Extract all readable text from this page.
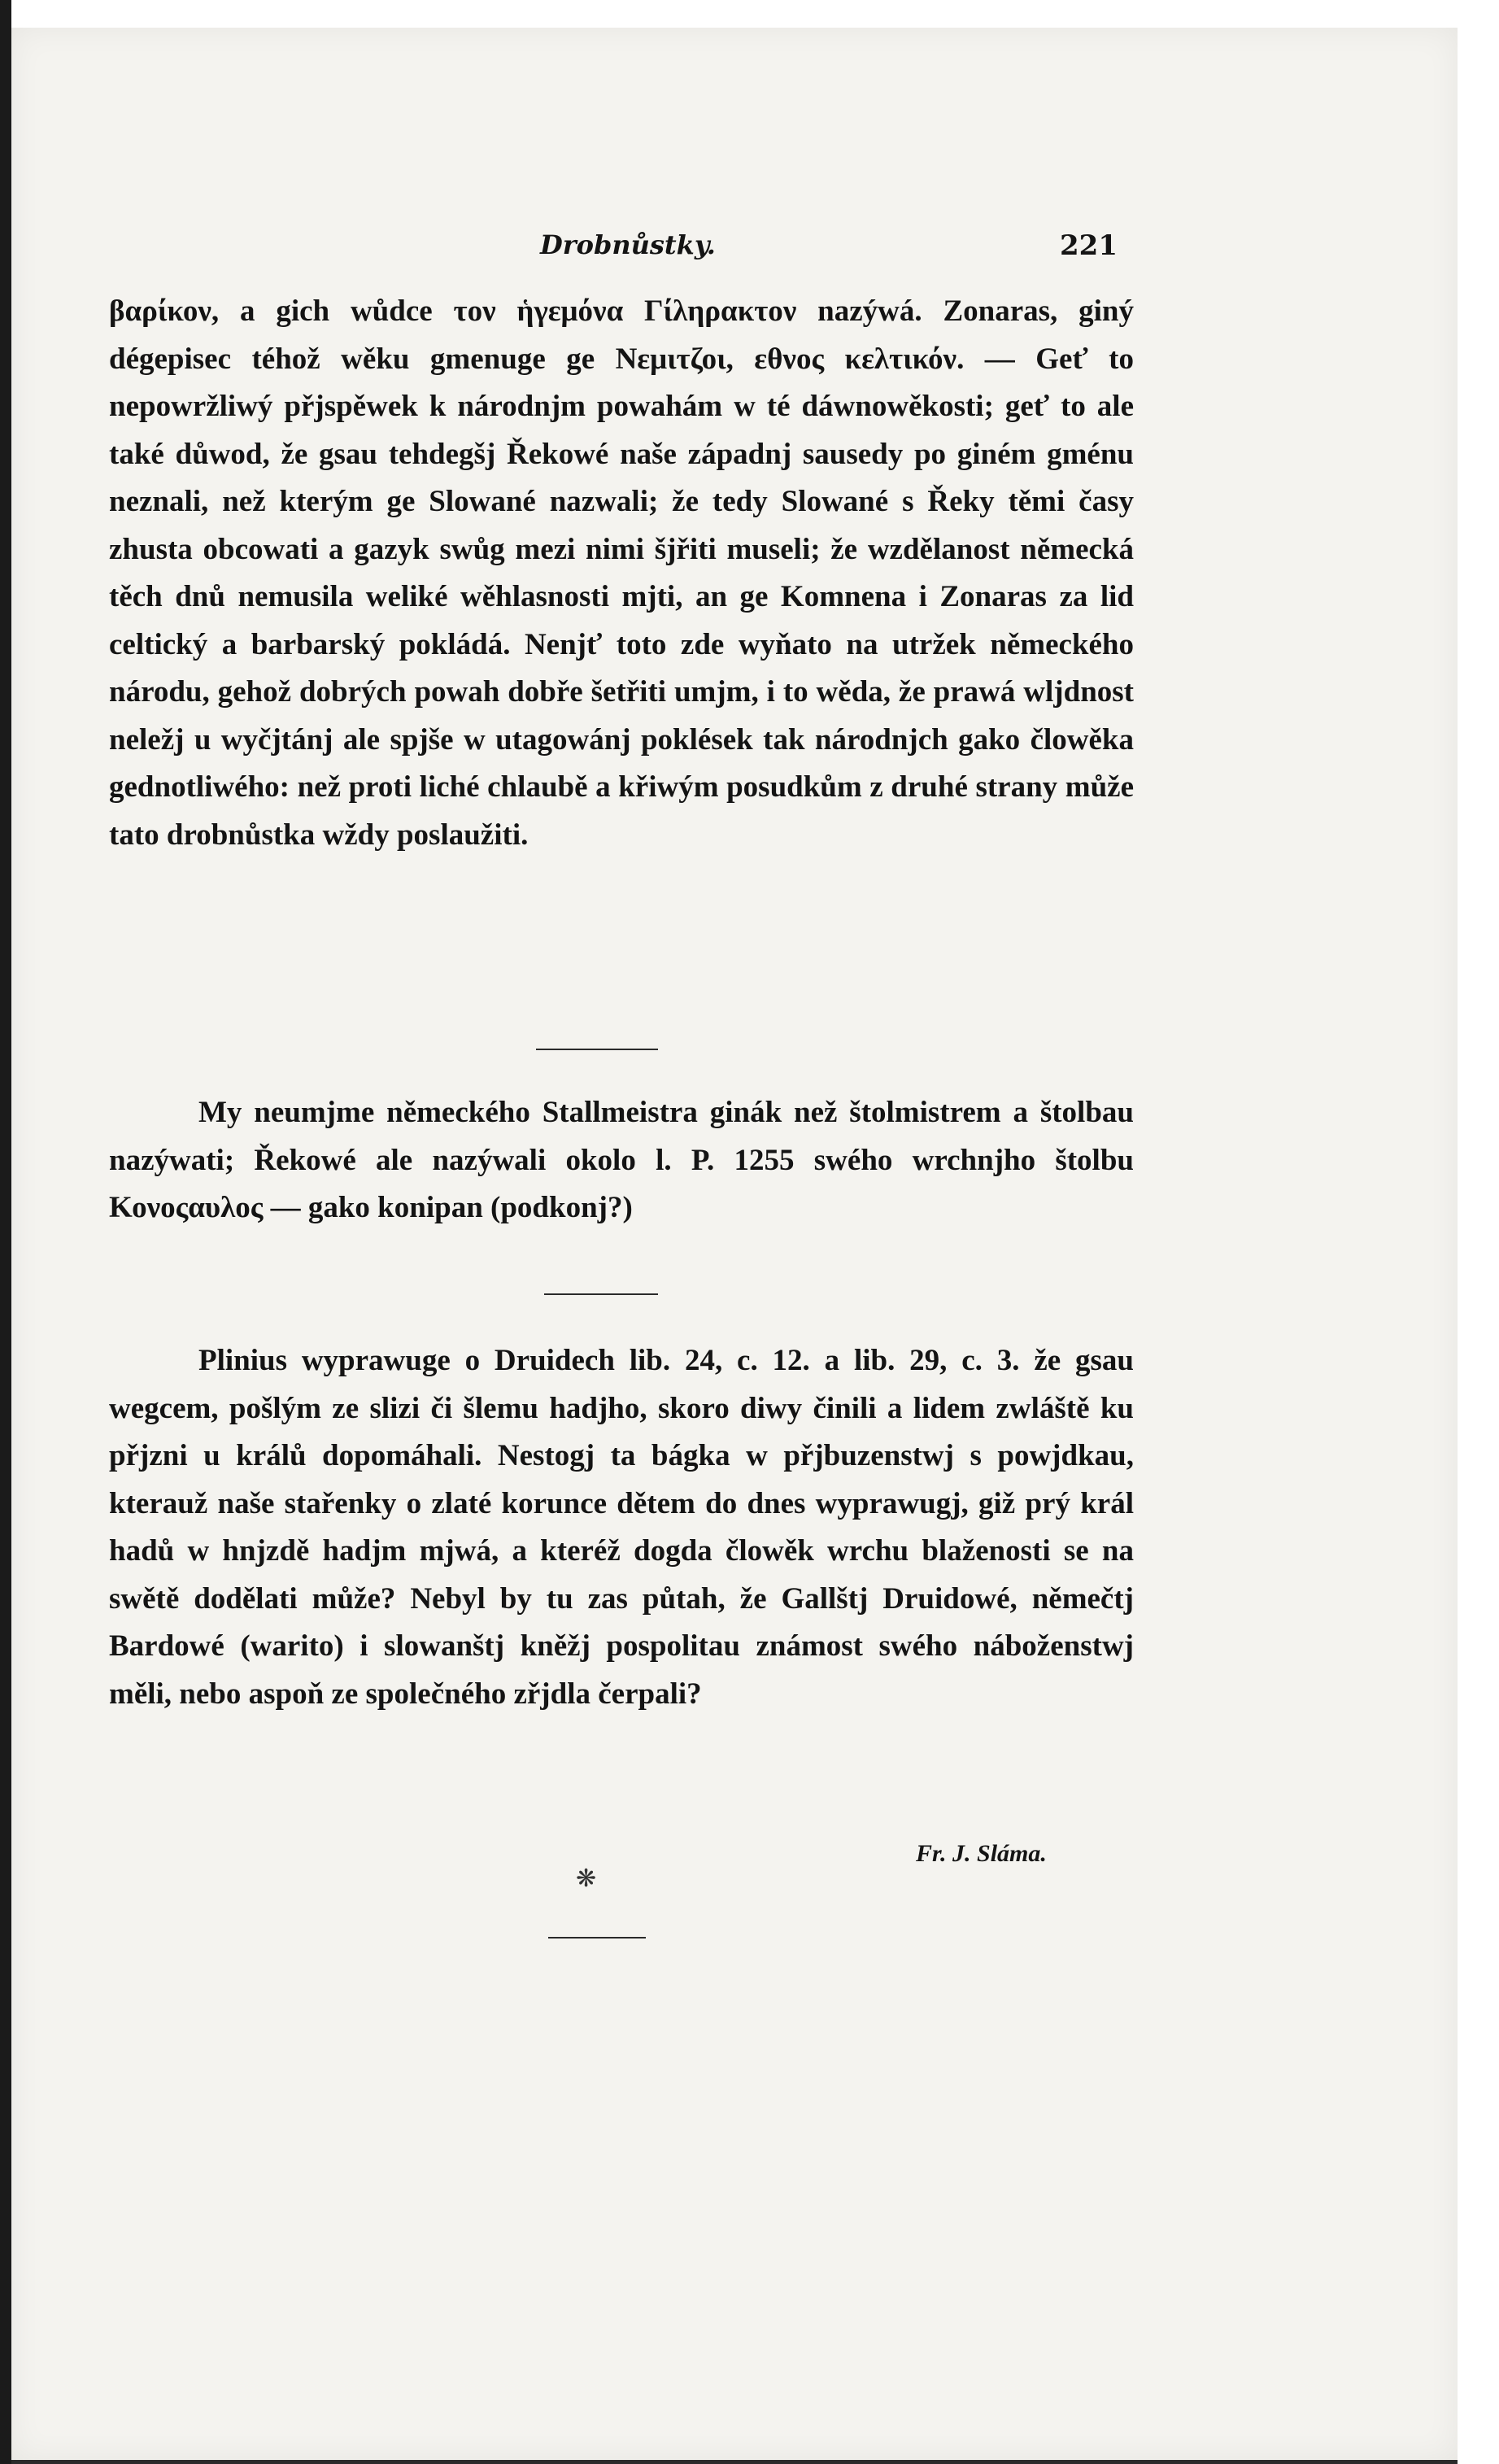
Drobnůstky.	221

βαρίκον, a gich wůdce τον ἡγεμόνα Γίληρακτον nazýwá. Zonaras, giný dégepisec téhož wěku gmenuge ge Νεμιτζοι, εθνος κελτικόν. — Geť to nepowržliwý přjspěwek k národnjm powahám w té dáwnowěkosti; geť to ale také důwod, že gsau tehdegšj Řekowé naše západnj sausedy po giném gménu neznali, než kterým ge Slowané nazwali; že tedy Slowané s Řeky těmi časy zhusta obcowati a gazyk swůg mezi nimi šjřiti museli; že wzdělanost německá těch dnů nemusila weliké wěhlasnosti mjti, an ge Komnena i Zonaras za lid celtický a barbarský pokládá. Nenjť toto zde wyňato na utržek německého národu, gehož dobrých powah dobře šetřiti umjm, i to wěda, že prawá wljdnost neležj u wyčjtánj ale spjše w utagowánj poklések tak národnjch gako člowěka gednotliwého: než proti liché chlaubě a křiwým posudkům z druhé strany může tato drobnůstka wždy poslaužiti.

My neumjme německého Stallmeistra ginák než štolmistrem a štolbau nazýwati; Řekowé ale nazýwali okolo l. P. 1255 swého wrchnjho štolbu Κονοςαυλος — gako konipan (podkonj?)

Plinius wyprawuge o Druidech lib. 24, c. 12. a lib. 29, c. 3. že gsau wegcem, pošlým ze slizi či šlemu hadjho, skoro diwy činili a lidem zwláště ku přjzni u králů dopomáhali. Nestogj ta bágka w přjbuzenstwj s powjdkau, kterauž naše stařenky o zlaté korunce dětem do dnes wyprawugj, giž prý král hadů w hnjzdě hadjm mjwá, a kteréž dogda člowěk wrchu blaženosti se na swětě dodělati může? Nebyl by tu zas půtah, že Gallštj Druidowé, němečtj Bardowé (warito) i slowanštj kněžj pospolitau známost swého náboženstwj měli, nebo aspoň ze společného zřjdla čerpali?

Fr. J. Sláma.
❋
